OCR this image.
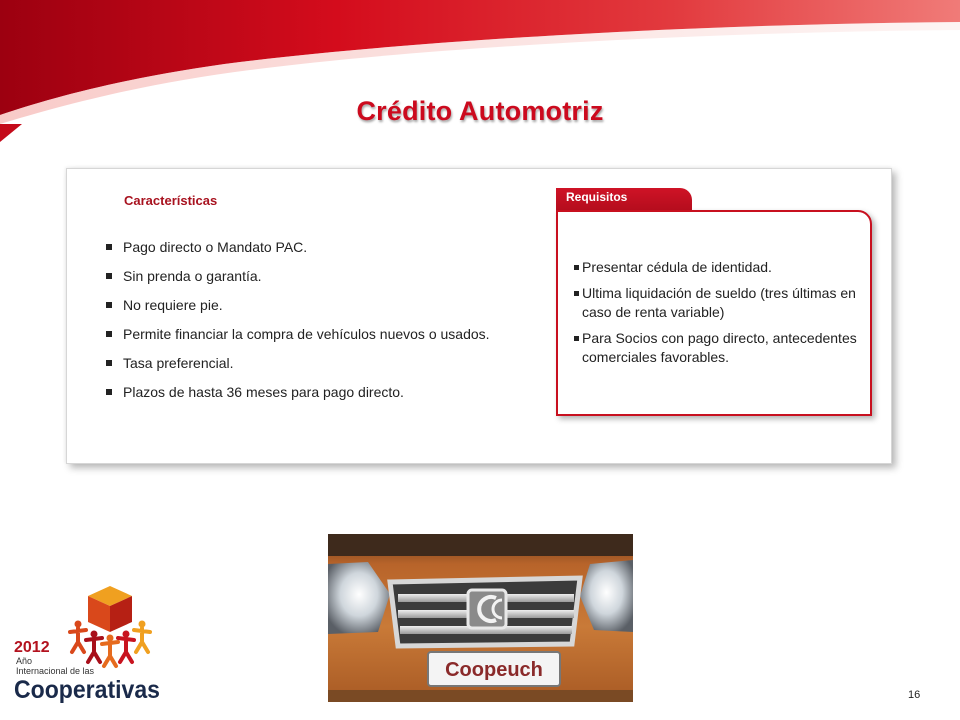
Crédito Automotriz
Características
Pago directo o Mandato PAC.
Sin prenda o garantía.
No requiere pie.
Permite financiar la compra de vehículos nuevos o usados.
Tasa preferencial.
Plazos de hasta 36 meses para pago directo.
Requisitos
Presentar cédula de identidad.
Ultima liquidación de sueldo (tres últimas en caso de renta variable)
Para Socios con pago directo, antecedentes comerciales favorables.
Coopeuch
2012
Año
Internacional de las
Cooperativas	16
